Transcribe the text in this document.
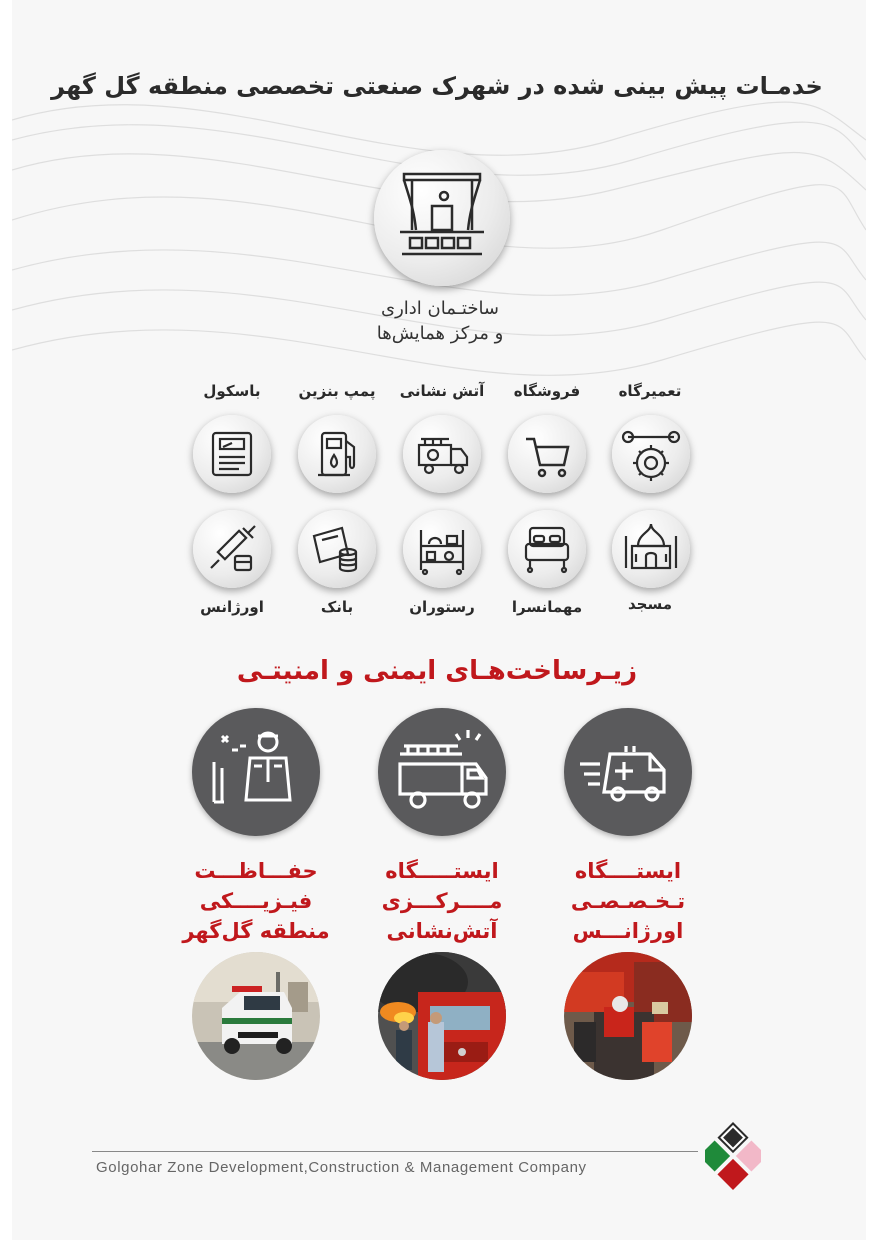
خدمـات پیش بینی شده در شهرک صنعتی تخصصی منطقه گل گهر
ساختـمان اداری
و مرکز همایش‌ها
تعمیرگاه
فروشگاه
آتش نشانی
پمپ بنزین
باسکول
مسجد
مهمانسرا
رستوران
بانک
اورژانس
زیـرساخت‌هـای ایمنی و امنیتـی
ایستــــگاه
تـخـصـصـی
اورژانـــس
ایستـــــگاه
مــــرکـــزی
آتش‌نشانی
حفـــاظـــت
فیـزیــــکی
منطقه گل‌گهر
Golgohar Zone Development,Construction & Management Company
